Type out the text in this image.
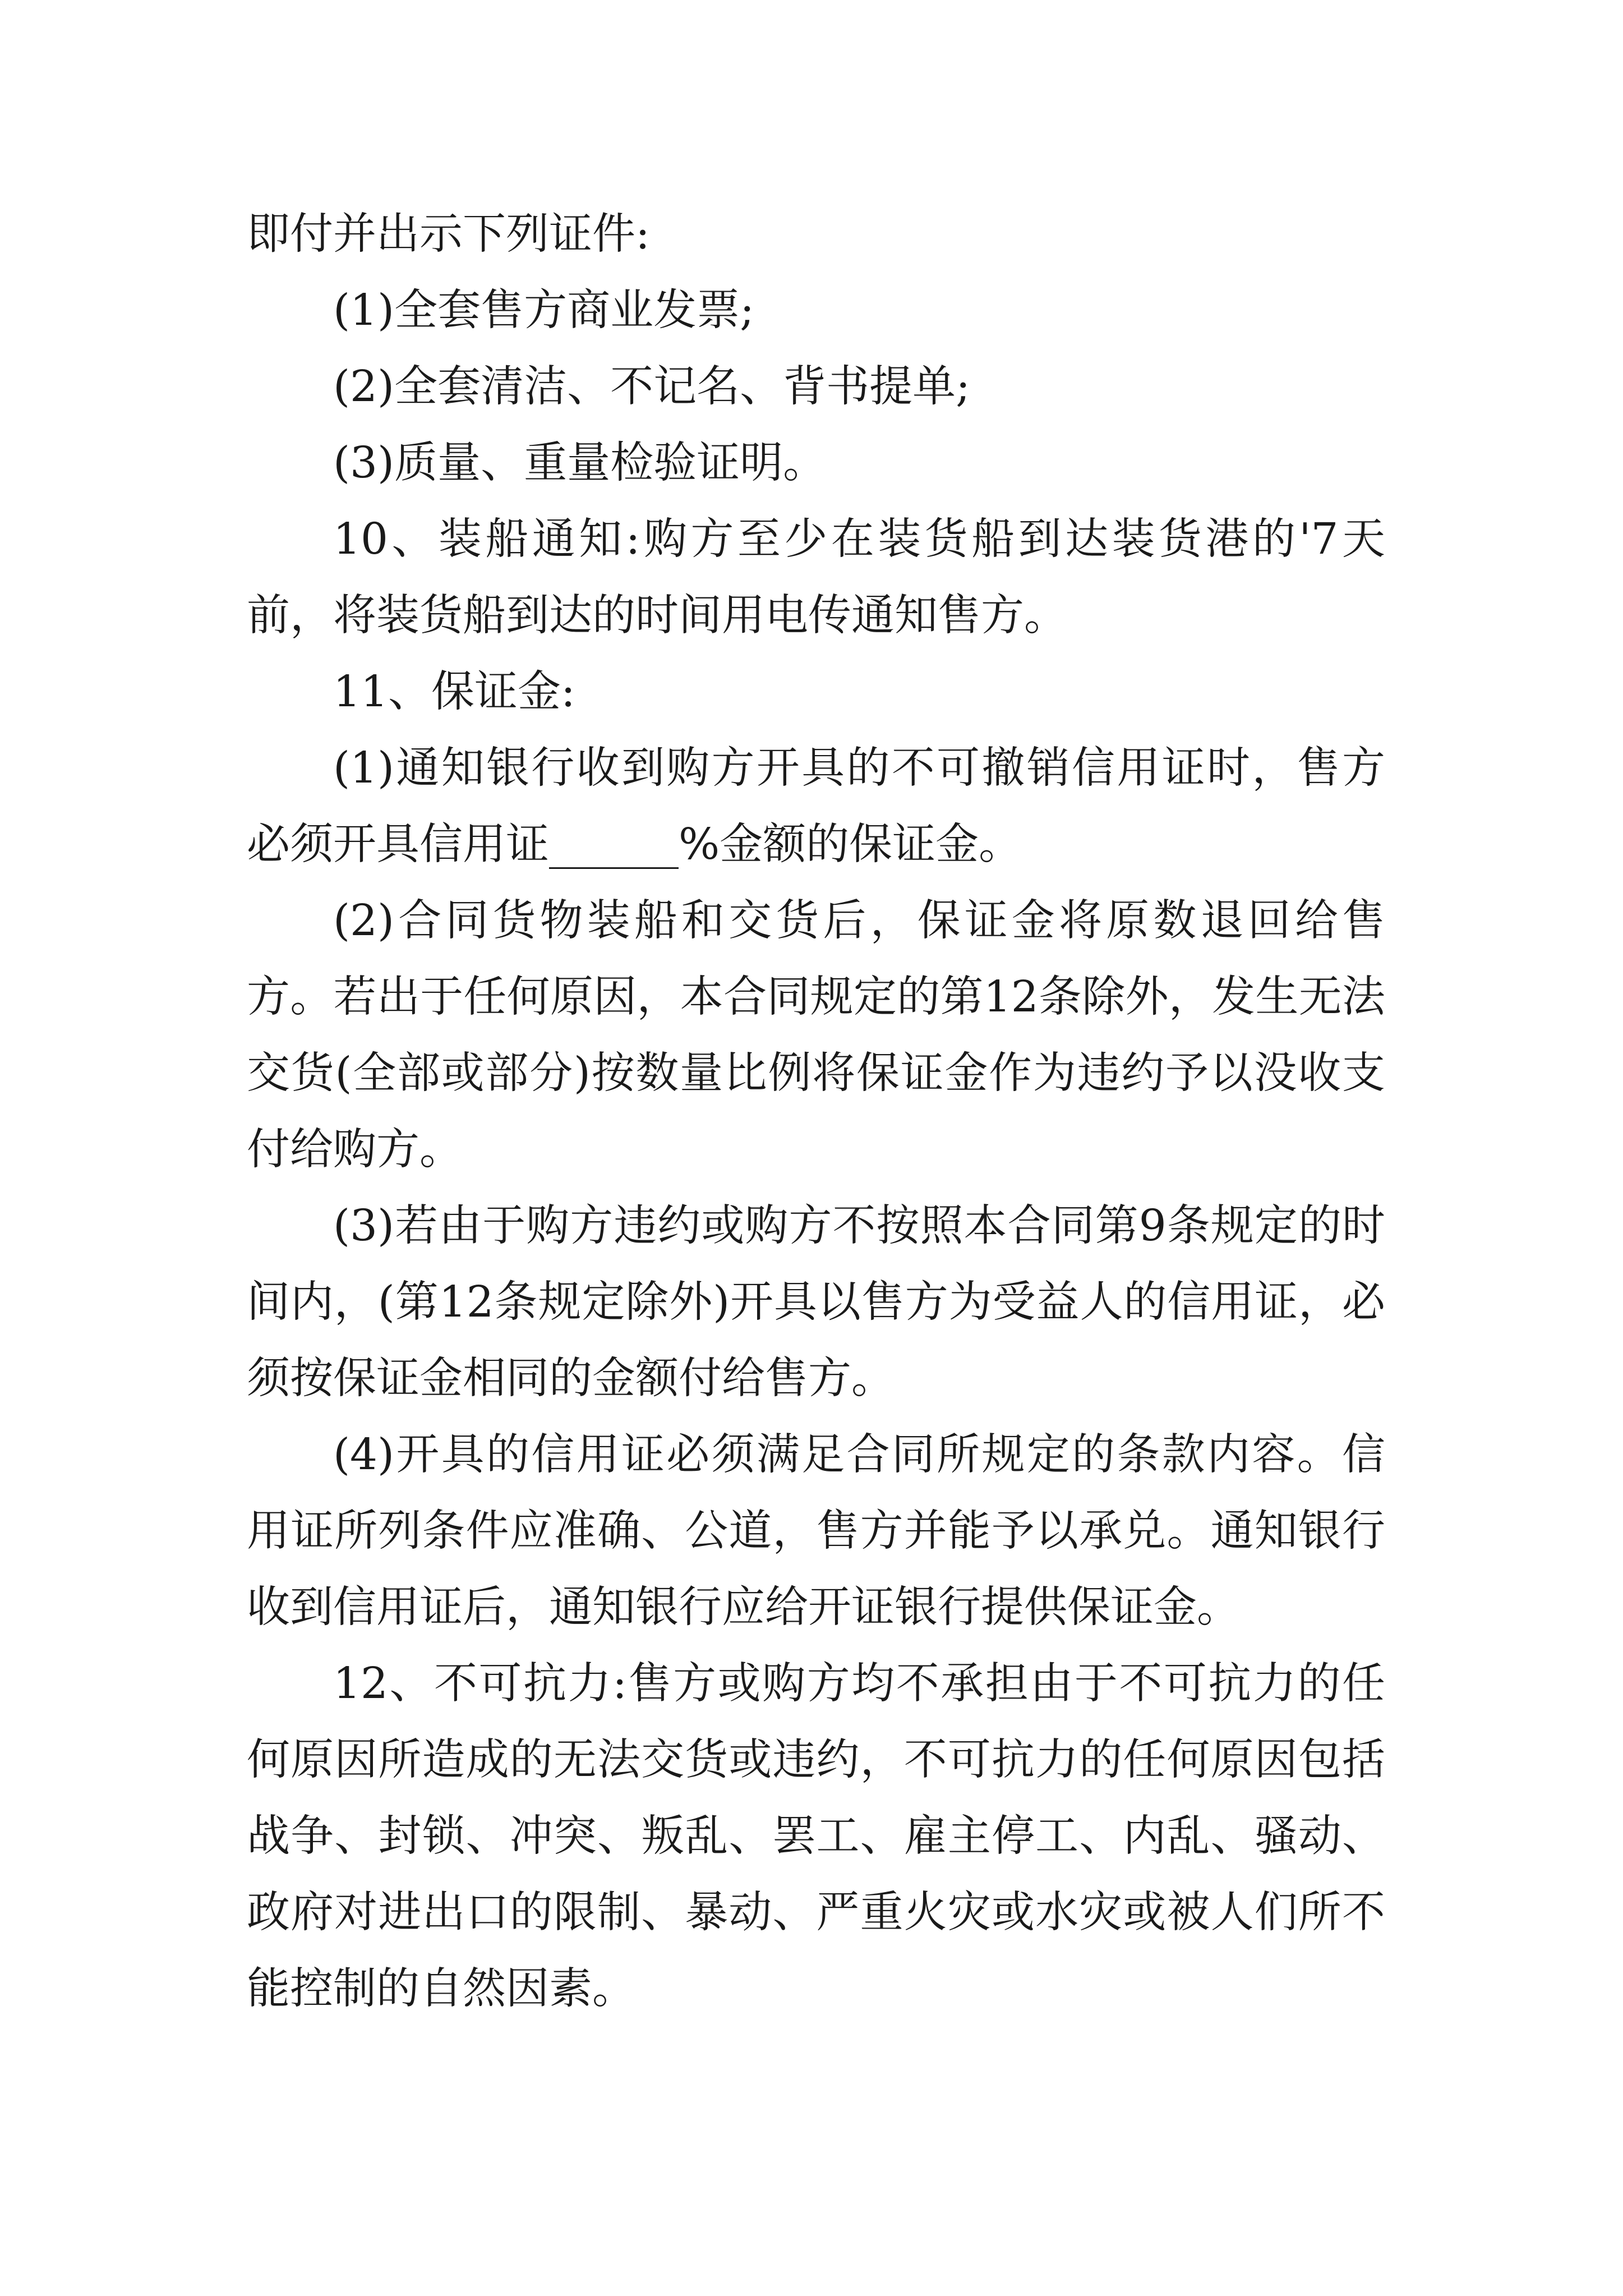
即付并出示下列证件:

(1)全套售方商业发票;

(2)全套清洁、不记名、背书提单;

(3)质量、重量检验证明。

10、装船通知:购方至少在装货船到达装货港的'7天前，将装货船到达的时间用电传通知售方。

11、保证金:

(1)通知银行收到购方开具的不可撤销信用证时，售方必须开具信用证______%金额的保证金。

(2)合同货物装船和交货后，保证金将原数退回给售方。若出于任何原因，本合同规定的第12条除外，发生无法交货(全部或部分)按数量比例将保证金作为违约予以没收支付给购方。

(3)若由于购方违约或购方不按照本合同第9条规定的时间内，(第12条规定除外)开具以售方为受益人的信用证，必须按保证金相同的金额付给售方。

(4)开具的信用证必须满足合同所规定的条款内容。信用证所列条件应准确、公道，售方并能予以承兑。通知银行收到信用证后，通知银行应给开证银行提供保证金。

12、不可抗力:售方或购方均不承担由于不可抗力的任何原因所造成的无法交货或违约，不可抗力的任何原因包括战争、封锁、冲突、叛乱、罢工、雇主停工、内乱、骚动、政府对进出口的限制、暴动、严重火灾或水灾或被人们所不能控制的自然因素。
